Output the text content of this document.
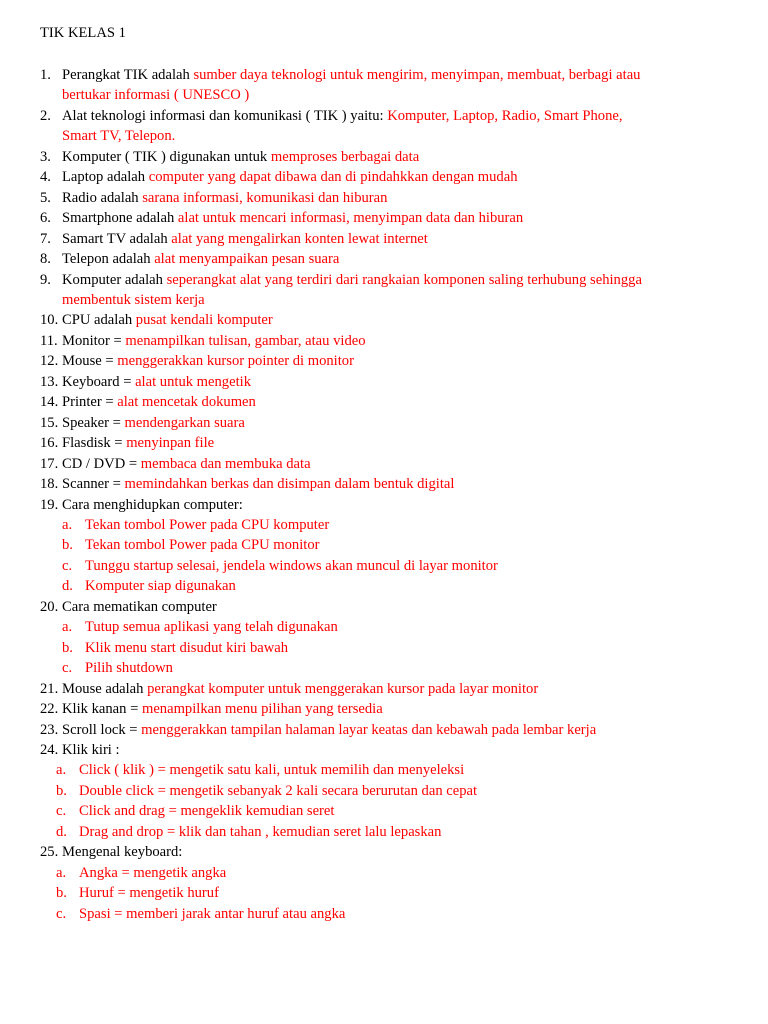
TIK KELAS 1
1. Perangkat TIK adalah sumber daya teknologi untuk mengirim, menyimpan, membuat, berbagi atau
bertukar informasi ( UNESCO )
2. Alat teknologi informasi dan komunikasi ( TIK ) yaitu: Komputer, Laptop, Radio, Smart Phone,
Smart TV, Telepon.
3. Komputer ( TIK ) digunakan untuk memproses berbagai data
4. Laptop adalah computer yang dapat dibawa dan di pindahkkan dengan mudah
5. Radio adalah sarana informasi, komunikasi dan hiburan
6. Smartphone adalah alat untuk mencari informasi, menyimpan data dan hiburan
7. Samart TV adalah alat yang mengalirkan konten lewat internet
8. Telepon adalah alat menyampaikan pesan suara
9. Komputer adalah seperangkat alat yang terdiri dari rangkaian komponen saling terhubung sehingga
membentuk sistem kerja
10. CPU adalah pusat kendali komputer
11. Monitor = menampilkan tulisan, gambar, atau video
12. Mouse = menggerakkan kursor pointer di monitor
13. Keyboard = alat untuk mengetik
14. Printer = alat mencetak dokumen
15. Speaker = mendengarkan suara
16. Flasdisk = menyinpan file
17. CD / DVD = membaca dan membuka data
18. Scanner = memindahkan berkas dan disimpan dalam bentuk digital
19. Cara menghidupkan computer:
a. Tekan tombol Power pada CPU komputer
b. Tekan tombol Power pada CPU monitor
c. Tunggu startup selesai, jendela windows akan muncul di layar monitor
d. Komputer siap digunakan
20. Cara mematikan computer
a. Tutup semua aplikasi yang telah digunakan
b. Klik menu start disudut kiri bawah
c. Pilih shutdown
21. Mouse adalah perangkat komputer untuk menggerakan kursor pada layar monitor
22. Klik kanan = menampilkan menu pilihan yang tersedia
23. Scroll lock = menggerakkan tampilan halaman layar keatas dan kebawah pada lembar kerja
24. Klik kiri :
a. Click ( klik ) = mengetik satu kali, untuk memilih dan menyeleksi
b. Double click = mengetik sebanyak 2 kali secara berurutan dan cepat
c. Click and drag = mengeklik kemudian seret
d. Drag and drop = klik dan tahan , kemudian seret lalu lepaskan
25. Mengenal keyboard:
a. Angka = mengetik angka
b. Huruf = mengetik huruf
c. Spasi = memberi jarak antar huruf atau angka
